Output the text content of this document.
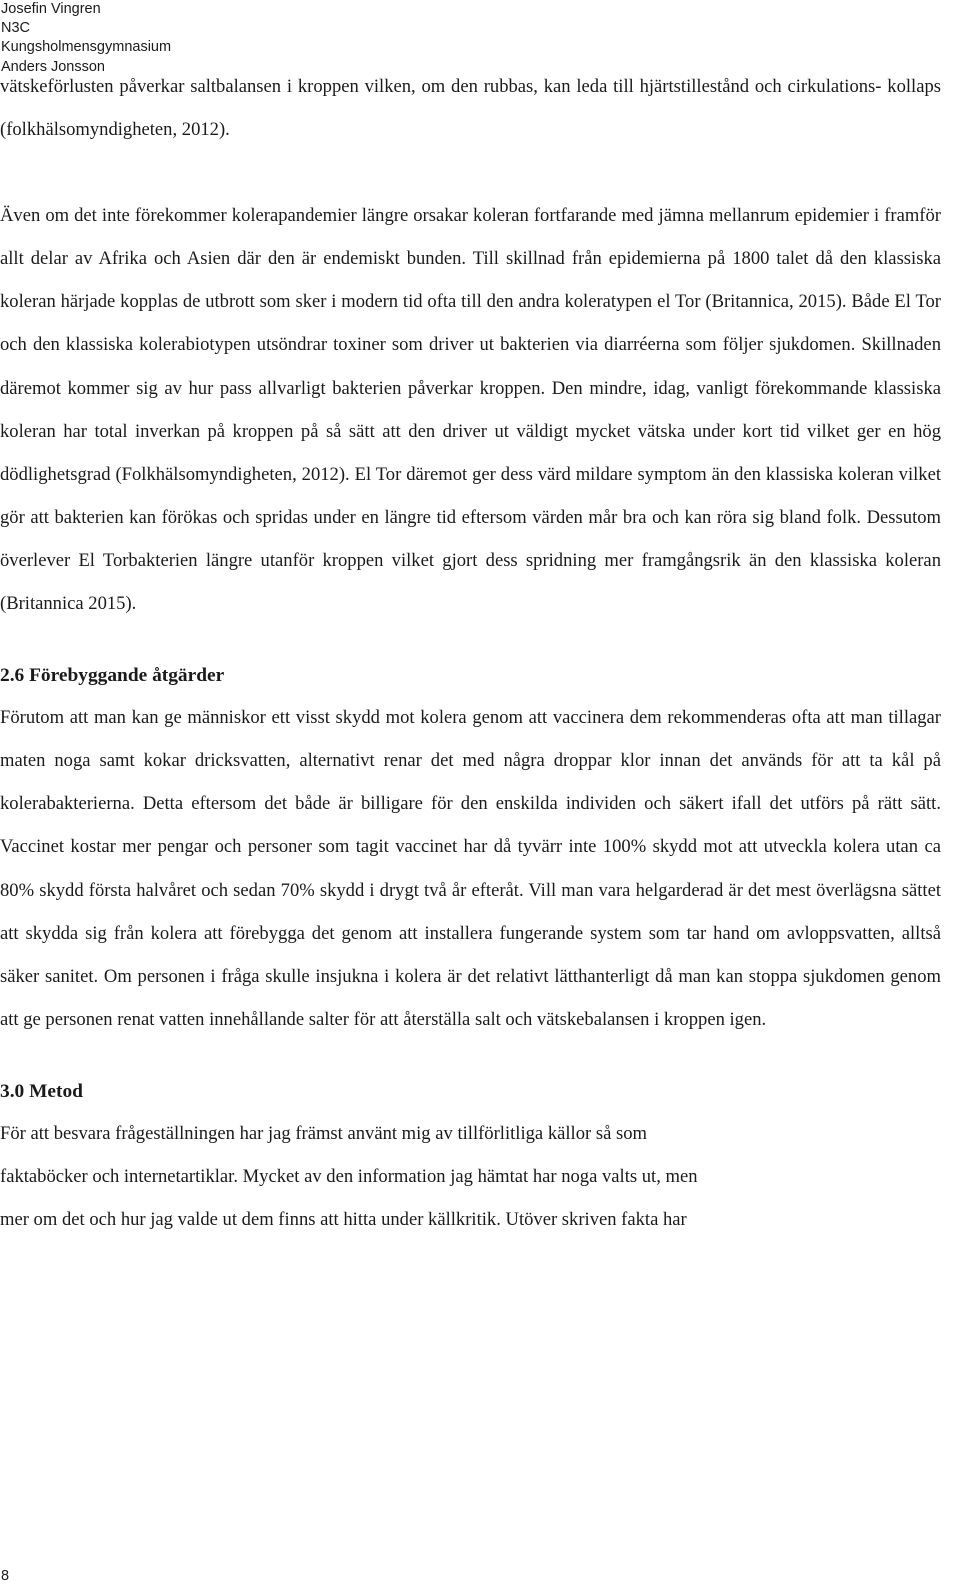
Josefin Vingren
N3C
Kungsholmensgymnasium
Anders Jonsson

vätskeförlusten påverkar saltbalansen i kroppen vilken, om den rubbas, kan leda till hjärtstillestånd och cirkulations- kollaps (folkhälsomyndigheten, 2012).

Även om det inte förekommer kolerapandemier längre orsakar koleran fortfarande med jämna mellanrum epidemier i framför allt delar av Afrika och Asien där den är endemiskt bunden. Till skillnad från epidemierna på 1800 talet då den klassiska koleran härjade kopplas de utbrott som sker i modern tid ofta till den andra koleratypen el Tor (Britannica, 2015). Både El Tor och den klassiska kolerabiotypen utsöndrar toxiner som driver ut bakterien via diarréerna som följer sjukdomen. Skillnaden däremot kommer sig av hur pass allvarligt bakterien påverkar kroppen. Den mindre, idag, vanligt förekommande klassiska koleran har total inverkan på kroppen på så sätt att den driver ut väldigt mycket vätska under kort tid vilket ger en hög dödlighetsgrad (Folkhälsomyndigheten, 2012). El Tor däremot ger dess värd mildare symptom än den klassiska koleran vilket gör att bakterien kan förökas och spridas under en längre tid eftersom värden mår bra och kan röra sig bland folk. Dessutom överlever El Torbakterien längre utanför kroppen vilket gjort dess spridning mer framgångsrik än den klassiska koleran (Britannica 2015).

2.6 Förebyggande åtgärder

Förutom att man kan ge människor ett visst skydd mot kolera genom att vaccinera dem rekommenderas ofta att man tillagar maten noga samt kokar dricksvatten, alternativt renar det med några droppar klor innan det används för att ta kål på kolerabakterierna. Detta eftersom det både är billigare för den enskilda individen och säkert ifall det utförs på rätt sätt. Vaccinet kostar mer pengar och personer som tagit vaccinet har då tyvärr inte 100% skydd mot att utveckla kolera utan ca 80% skydd första halvåret och sedan 70% skydd i drygt två år efteråt. Vill man vara helgarderad är det mest överlägsna sättet att skydda sig från kolera att förebygga det genom att installera fungerande system som tar hand om avloppsvatten, alltså säker sanitet. Om personen i fråga skulle insjukna i kolera är det relativt lätthanterligt då man kan stoppa sjukdomen genom att ge personen renat vatten innehållande salter för att återställa salt och vätskebalansen i kroppen igen.

3.0 Metod

För att besvara frågeställningen har jag främst använt mig av tillförlitliga källor så som
faktaböcker och internetartiklar. Mycket av den information jag hämtat har noga valts ut, men
mer om det och hur jag valde ut dem finns att hitta under källkritik. Utöver skriven fakta har

8
